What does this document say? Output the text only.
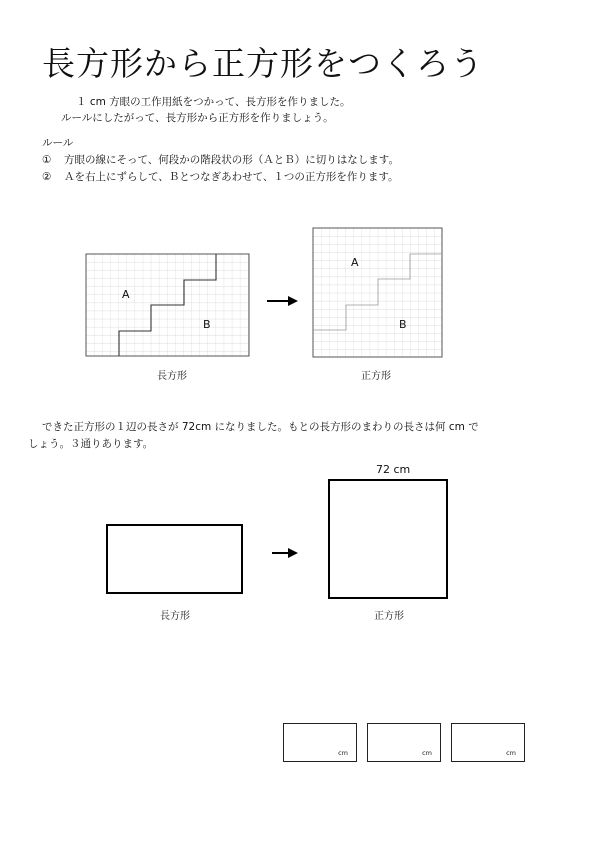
長方形から正方形をつくろう

１ cm 方眼の工作用紙をつかって、長方形を作りました。

ルールにしたがって、長方形から正方形を作りましょう。

ルール

① 方眼の線にそって、何段かの階段状の形（ＡとＢ）に切りはなします。

② Ａを右上にずらして、Ｂとつなぎあわせて、１つの正方形を作ります。

A
B
A
B
長方形	正方形

できた正方形の１辺の長さが 72cm になりました。もとの長方形のまわりの長さは何 cm で

しょう。３通りあります。

72 cm
長方形	正方形
cm	cm	cm
